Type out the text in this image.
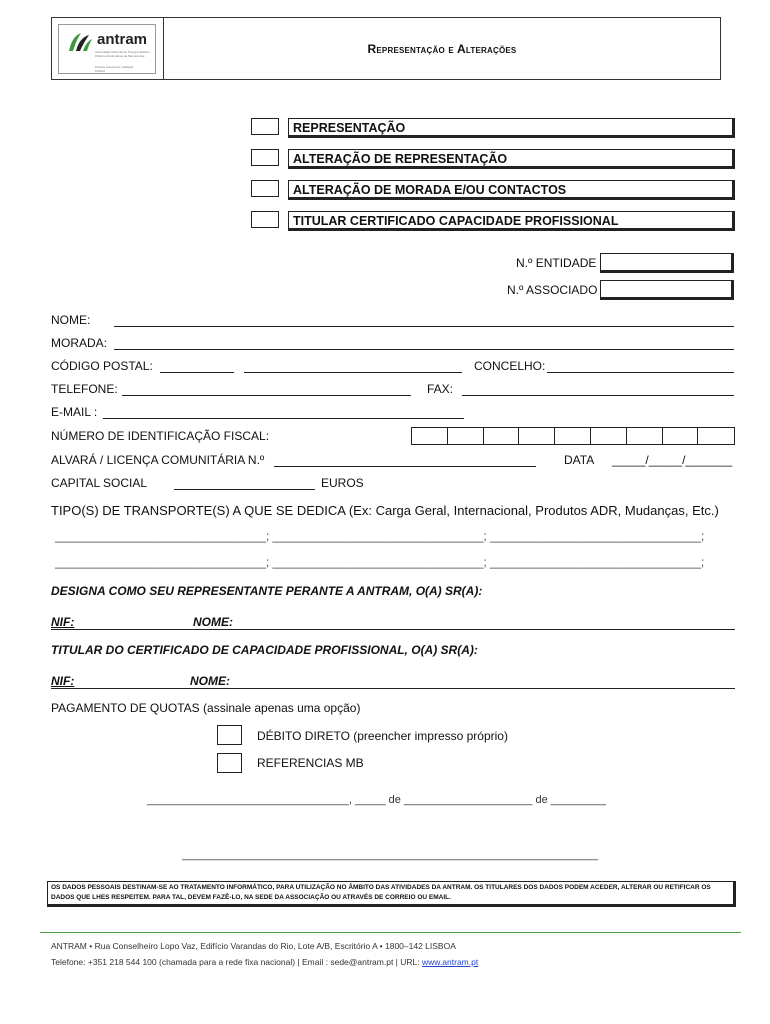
antram
Associação Nacional de Transportadores Públicos Rodoviários de Mercadorias
Pessoa Coletiva de Utilidade Pública
Representação e Alterações
REPRESENTAÇÃO
ALTERAÇÃO DE REPRESENTAÇÃO
ALTERAÇÃO DE MORADA E/OU CONTACTOS
TITULAR CERTIFICADO CAPACIDADE PROFISSIONAL
N.º ENTIDADE
N.º ASSOCIADO
NOME:
MORADA:
CÓDIGO POSTAL:	CONCELHO:
TELEFONE:	FAX:
E-MAIL :
NÚMERO DE IDENTIFICAÇÃO FISCAL:
ALVARÁ / LICENÇA COMUNITÁRIA N.º	DATA _____/_____/_______
CAPITAL SOCIAL	EUROS
TIPO(S) DE TRANSPORTE(S) A QUE SE DEDICA (Ex: Carga Geral, Internacional, Produtos ADR, Mudanças, Etc.)
_________________________________; _________________________________; _________________________________;
_________________________________; _________________________________; _________________________________;
DESIGNA COMO SEU REPRESENTANTE PERANTE A ANTRAM, O(A) SR(A):
NIF:	NOME:
TITULAR DO CERTIFICADO DE CAPACIDADE PROFISSIONAL, O(A) SR(A):
NIF:	NOME:
PAGAMENTO DE QUOTAS (assinale apenas uma opção)
DÉBITO DIRETO (preencher impresso próprio)
REFERENCIAS MB
_________________________________, _____ de _____________________ de _________
____________________________________________________________________
OS DADOS PESSOAIS DESTINAM-SE AO TRATAMENTO INFORMÁTICO, PARA UTILIZAÇÃO NO ÂMBITO DAS ATIVIDADES DA ANTRAM. OS TITULARES DOS DADOS PODEM ACEDER, ALTERAR OU RETIFICAR OS DADOS QUE LHES RESPEITEM. PARA TAL, DEVEM FAZÊ-LO, NA SEDE DA ASSOCIAÇÃO OU ATRAVÉS DE CORREIO OU EMAIL.
ANTRAM • Rua Conselheiro Lopo Vaz, Edifício Varandas do Rio, Lote A/B, Escritório A • 1800–142 LISBOA
Telefone: +351 218 544 100 (chamada para a rede fixa nacional) | Email : sede@antram.pt | URL: www.antram.pt
